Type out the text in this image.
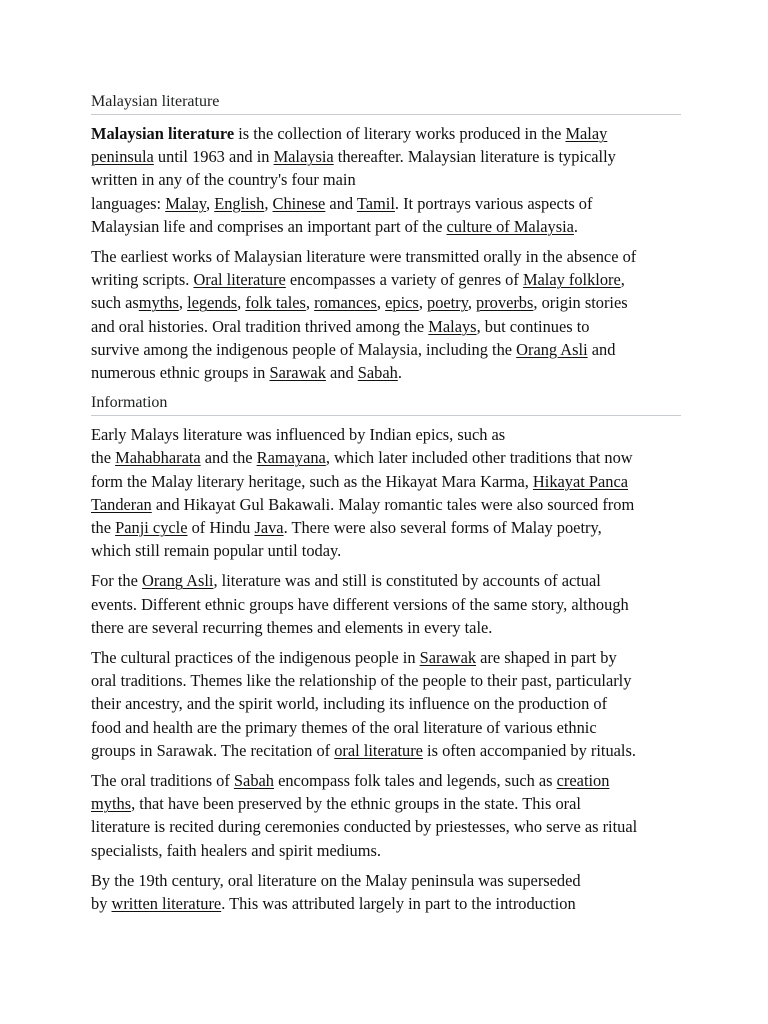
Malaysian literature

Malaysian literature is the collection of literary works produced in the Malay
peninsula until 1963 and in Malaysia thereafter. Malaysian literature is typically
written in any of the country's four main
languages: Malay, English, Chinese and Tamil. It portrays various aspects of
Malaysian life and comprises an important part of the culture of Malaysia.

The earliest works of Malaysian literature were transmitted orally in the absence of
writing scripts. Oral literature encompasses a variety of genres of Malay folklore,
such asmyths, legends, folk tales, romances, epics, poetry, proverbs, origin stories
and oral histories. Oral tradition thrived among the Malays, but continues to
survive among the indigenous people of Malaysia, including the Orang Asli and
numerous ethnic groups in Sarawak and Sabah.

Information

Early Malays literature was influenced by Indian epics, such as
the Mahabharata and the Ramayana, which later included other traditions that now
form the Malay literary heritage, such as the Hikayat Mara Karma, Hikayat Panca
Tanderan and Hikayat Gul Bakawali. Malay romantic tales were also sourced from
the Panji cycle of Hindu Java. There were also several forms of Malay poetry,
which still remain popular until today.

For the Orang Asli, literature was and still is constituted by accounts of actual
events. Different ethnic groups have different versions of the same story, although
there are several recurring themes and elements in every tale.

The cultural practices of the indigenous people in Sarawak are shaped in part by
oral traditions. Themes like the relationship of the people to their past, particularly
their ancestry, and the spirit world, including its influence on the production of
food and health are the primary themes of the oral literature of various ethnic
groups in Sarawak. The recitation of oral literature is often accompanied by rituals.

The oral traditions of Sabah encompass folk tales and legends, such as creation
myths, that have been preserved by the ethnic groups in the state. This oral
literature is recited during ceremonies conducted by priestesses, who serve as ritual
specialists, faith healers and spirit mediums.

By the 19th century, oral literature on the Malay peninsula was superseded
by written literature. This was attributed largely in part to the introduction
